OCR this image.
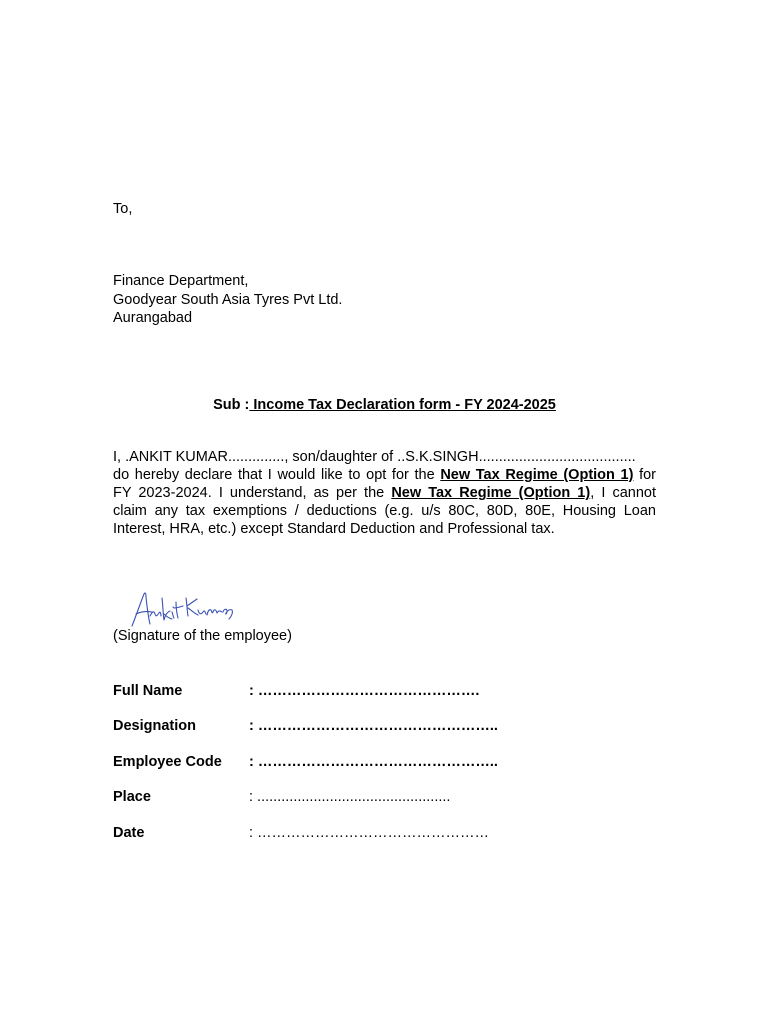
To,
Finance Department,
Goodyear South Asia Tyres Pvt Ltd.
Aurangabad
Sub : Income Tax Declaration form - FY 2024-2025
I, .ANKIT KUMAR.............., son/daughter of ..S.K.SINGH.......................................
do hereby declare that I would like to opt for the New Tax Regime (Option 1) for
FY 2023-2024. I understand, as per the New Tax Regime (Option 1), I cannot
claim any tax exemptions / deductions (e.g. u/s 80C, 80D, 80E, Housing Loan
Interest, HRA, etc.) except Standard Deduction and Professional tax.
(Signature of the employee)
Full Name	: ……………………………………….
Designation	: …………………………………………..
Employee Code : …………………………………………..
Place	: ................................................
Date	: …………………………………………
